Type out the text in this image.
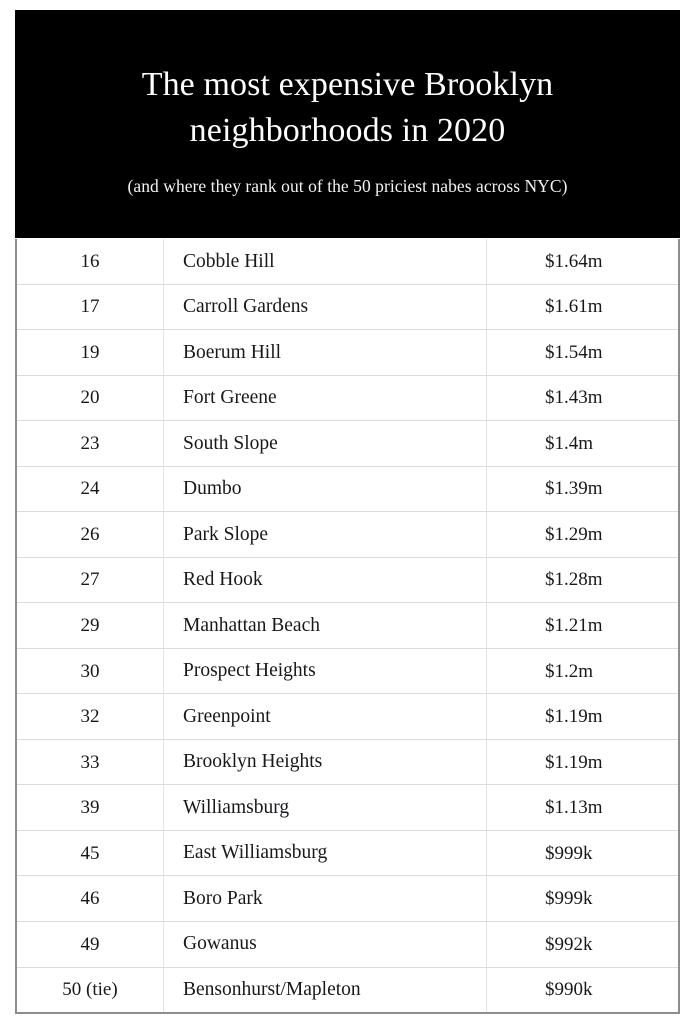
The most expensive Brooklyn neighborhoods in 2020

(and where they rank out of the 50 priciest nabes across NYC)

16	Cobble Hill	$1.64m
17	Carroll Gardens	$1.61m
19	Boerum Hill	$1.54m
20	Fort Greene	$1.43m
23	South Slope	$1.4m
24	Dumbo	$1.39m
26	Park Slope	$1.29m
27	Red Hook	$1.28m
29	Manhattan Beach	$1.21m
30	Prospect Heights	$1.2m
32	Greenpoint	$1.19m
33	Brooklyn Heights	$1.19m
39	Williamsburg	$1.13m
45	East Williamsburg	$999k
46	Boro Park	$999k
49	Gowanus	$992k
50 (tie)	Bensonhurst/Mapleton	$990k
